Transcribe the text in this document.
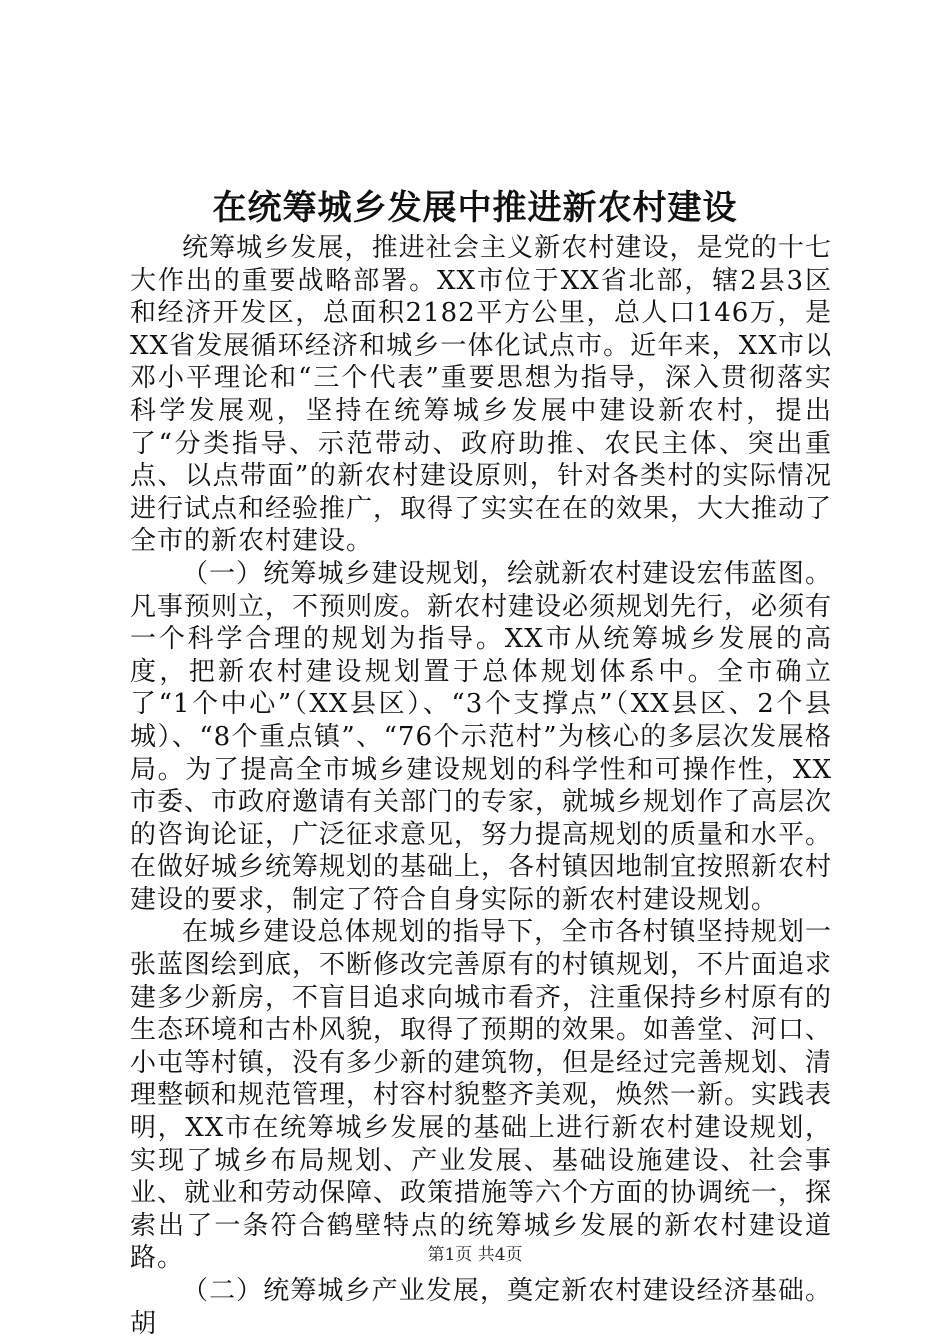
在统筹城乡发展中推进新农村建设

统筹城乡发展，推进社会主义新农村建设，是党的十七大作出的重要战略部署。XX市位于XX省北部，辖2县3区和经济开发区，总面积2182平方公里，总人口146万，是XX省发展循环经济和城乡一体化试点市。近年来，XX市以邓小平理论和“三个代表”重要思想为指导，深入贯彻落实科学发展观，坚持在统筹城乡发展中建设新农村，提出了“分类指导、示范带动、政府助推、农民主体、突出重点、以点带面”的新农村建设原则，针对各类村的实际情况进行试点和经验推广，取得了实实在在的效果，大大推动了全市的新农村建设。

（一）统筹城乡建设规划，绘就新农村建设宏伟蓝图。凡事预则立，不预则废。新农村建设必须规划先行，必须有一个科学合理的规划为指导。XX市从统筹城乡发展的高度，把新农村建设规划置于总体规划体系中。全市确立了“1个中心”（XX县区）、“3个支撑点”（XX县区、2个县城）、“8个重点镇”、“76个示范村”为核心的多层次发展格局。为了提高全市城乡建设规划的科学性和可操作性，XX市委、市政府邀请有关部门的专家，就城乡规划作了高层次的咨询论证，广泛征求意见，努力提高规划的质量和水平。在做好城乡统筹规划的基础上，各村镇因地制宜按照新农村建设的要求，制定了符合自身实际的新农村建设规划。

在城乡建设总体规划的指导下，全市各村镇坚持规划一张蓝图绘到底，不断修改完善原有的村镇规划，不片面追求建多少新房，不盲目追求向城市看齐，注重保持乡村原有的生态环境和古朴风貌，取得了预期的效果。如善堂、河口、小屯等村镇，没有多少新的建筑物，但是经过完善规划、清理整顿和规范管理，村容村貌整齐美观，焕然一新。实践表明，XX市在统筹城乡发展的基础上进行新农村建设规划，实现了城乡布局规划、产业发展、基础设施建设、社会事业、就业和劳动保障、政策措施等六个方面的协调统一，探索出了一条符合鹤壁特点的统筹城乡发展的新农村建设道路。

（二）统筹城乡产业发展，奠定新农村建设经济基础。胡

第1页 共4页
